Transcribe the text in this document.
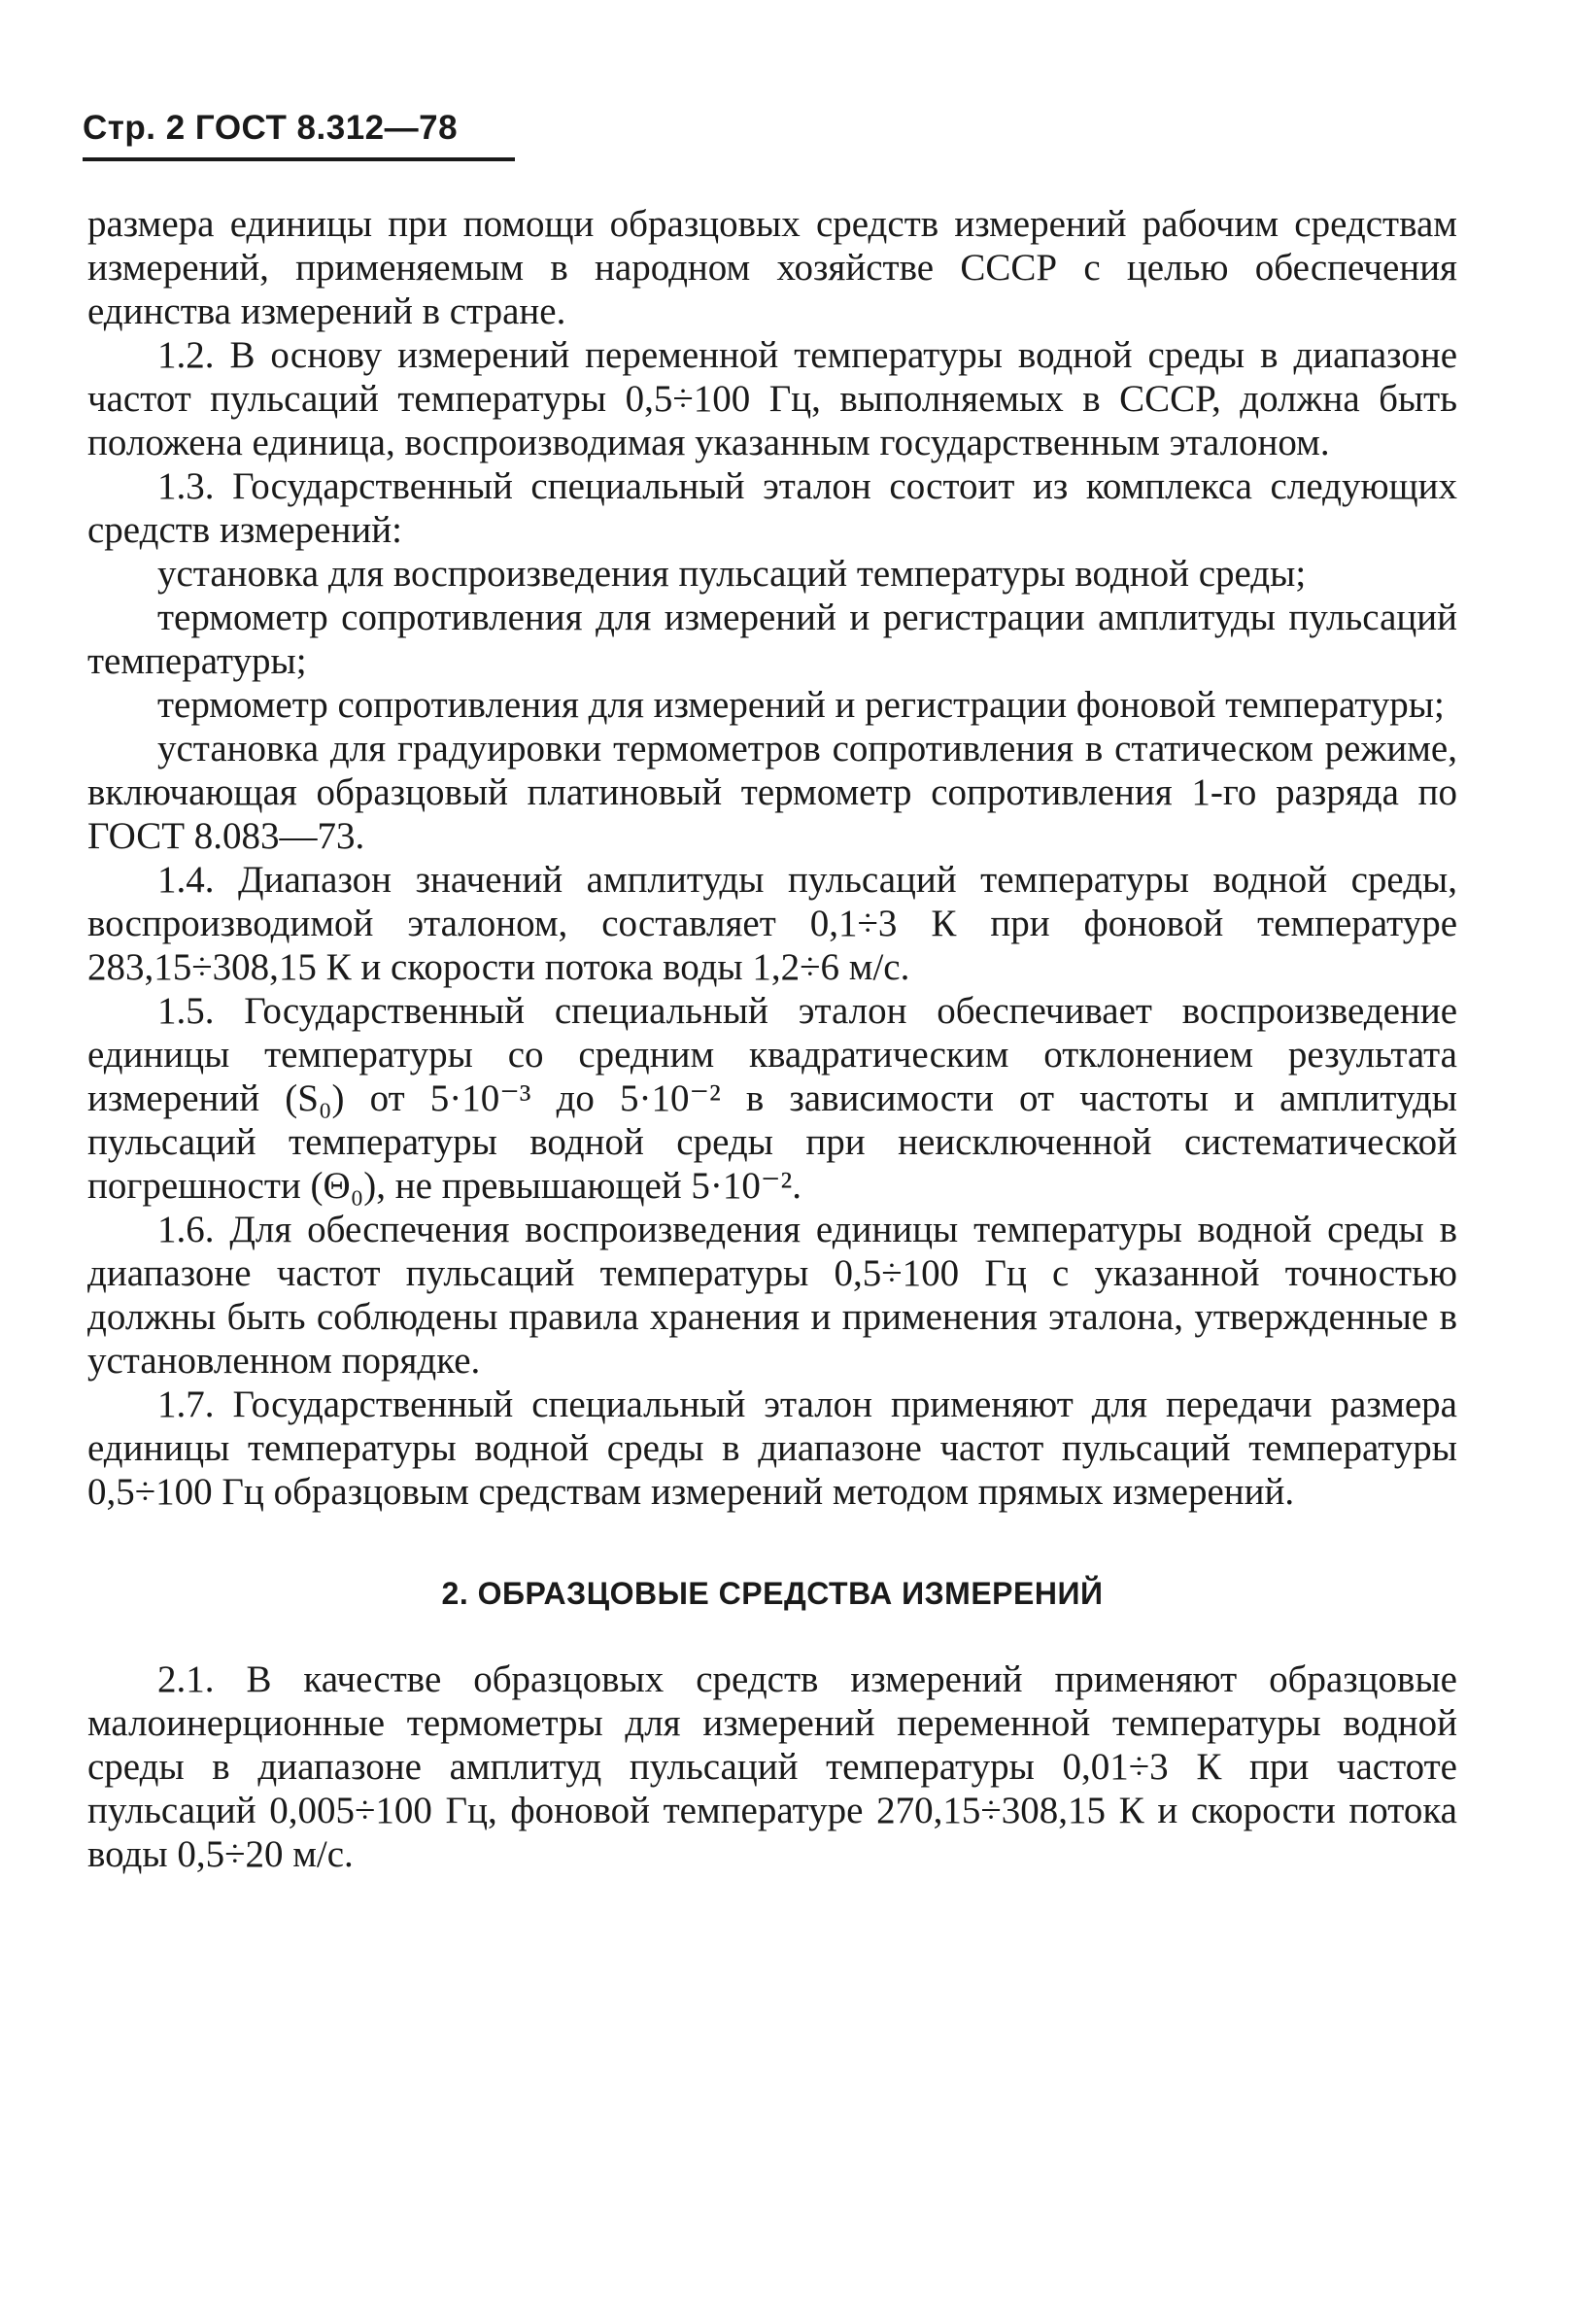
Стр. 2 ГОСТ 8.312—78

размера единицы при помощи образцовых средств измерений рабочим средствам измерений, применяемым в народном хозяйстве СССР с целью обеспечения единства измерений в стране.

1.2. В основу измерений переменной температуры водной среды в диапазоне частот пульсаций температуры 0,5÷100 Гц, выполняемых в СССР, должна быть положена единица, воспроизводимая указанным государственным эталоном.

1.3. Государственный специальный эталон состоит из комплекса следующих средств измерений:

установка для воспроизведения пульсаций температуры водной среды;

термометр сопротивления для измерений и регистрации амплитуды пульсаций температуры;

термометр сопротивления для измерений и регистрации фоновой температуры;

установка для градуировки термометров сопротивления в статическом режиме, включающая образцовый платиновый термометр сопротивления 1-го разряда по ГОСТ 8.083—73.

1.4. Диапазон значений амплитуды пульсаций температуры водной среды, воспроизводимой эталоном, составляет 0,1÷3 К при фоновой температуре 283,15÷308,15 К и скорости потока воды 1,2÷6 м/с.

1.5. Государственный специальный эталон обеспечивает воспроизведение единицы температуры со средним квадратическим отклонением результата измерений (S₀) от 5·10⁻³ до 5·10⁻² в зависимости от частоты и амплитуды пульсаций температуры водной среды при неисключенной систематической погрешности (Θ₀), не превышающей 5·10⁻².

1.6. Для обеспечения воспроизведения единицы температуры водной среды в диапазоне частот пульсаций температуры 0,5÷100 Гц с указанной точностью должны быть соблюдены правила хранения и применения эталона, утвержденные в установленном порядке.

1.7. Государственный специальный эталон применяют для передачи размера единицы температуры водной среды в диапазоне частот пульсаций температуры 0,5÷100 Гц образцовым средствам измерений методом прямых измерений.

2. ОБРАЗЦОВЫЕ СРЕДСТВА ИЗМЕРЕНИЙ

2.1. В качестве образцовых средств измерений применяют образцовые малоинерционные термометры для измерений переменной температуры водной среды в диапазоне амплитуд пульсаций температуры 0,01÷3 К при частоте пульсаций 0,005÷100 Гц, фоновой температуре 270,15÷308,15 К и скорости потока воды 0,5÷20 м/с.
